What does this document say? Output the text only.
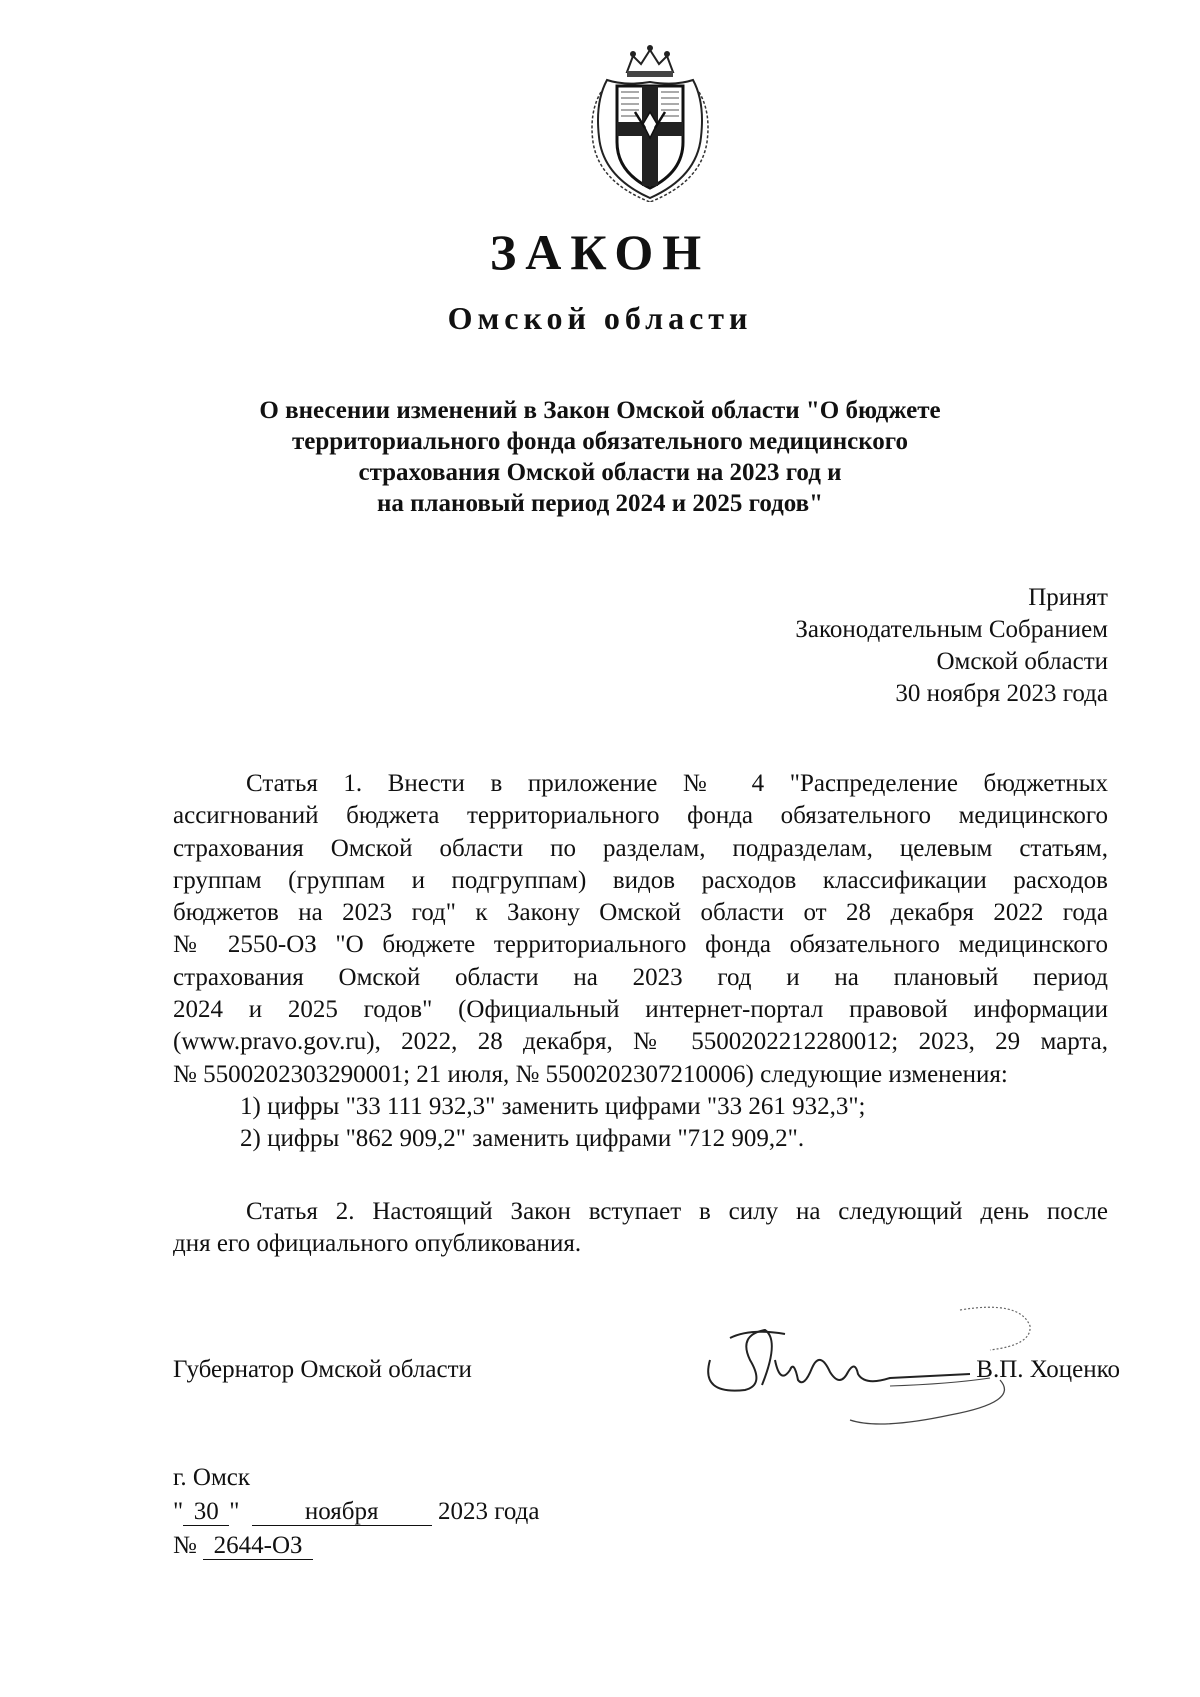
ЗАКОН
Омской области
О внесении изменений в Закон Омской области "О бюджете
территориального фонда обязательного медицинского
страхования Омской области на 2023 год и
на плановый период 2024 и 2025 годов"
Принят
Законодательным Собранием
Омской области
30 ноября 2023 года
Статья 1. Внести в приложение № 4 "Распределение бюджетных
ассигнований бюджета территориального фонда обязательного медицинского
страхования Омской области по разделам, подразделам, целевым статьям,
группам (группам и подгруппам) видов расходов классификации расходов
бюджетов на 2023 год" к Закону Омской области от 28 декабря 2022 года
№ 2550-ОЗ "О бюджете территориального фонда обязательного медицинского
страхования Омской области на 2023 год и на плановый период
2024 и 2025 годов" (Официальный интернет-портал правовой информации
(www.pravo.gov.ru), 2022, 28 декабря, № 5500202212280012; 2023, 29 марта,
№ 5500202303290001; 21 июля, № 5500202307210006) следующие изменения:
1) цифры "33 111 932,3" заменить цифрами "33 261 932,3";
2) цифры "862 909,2" заменить цифрами "712 909,2".
Статья 2. Настоящий Закон вступает в силу на следующий день после
дня его официального опубликования.
Губернатор Омской области	В.П. Хоценко
г. Омск
" 30 "	ноября 2023 года
№ 2644-ОЗ
